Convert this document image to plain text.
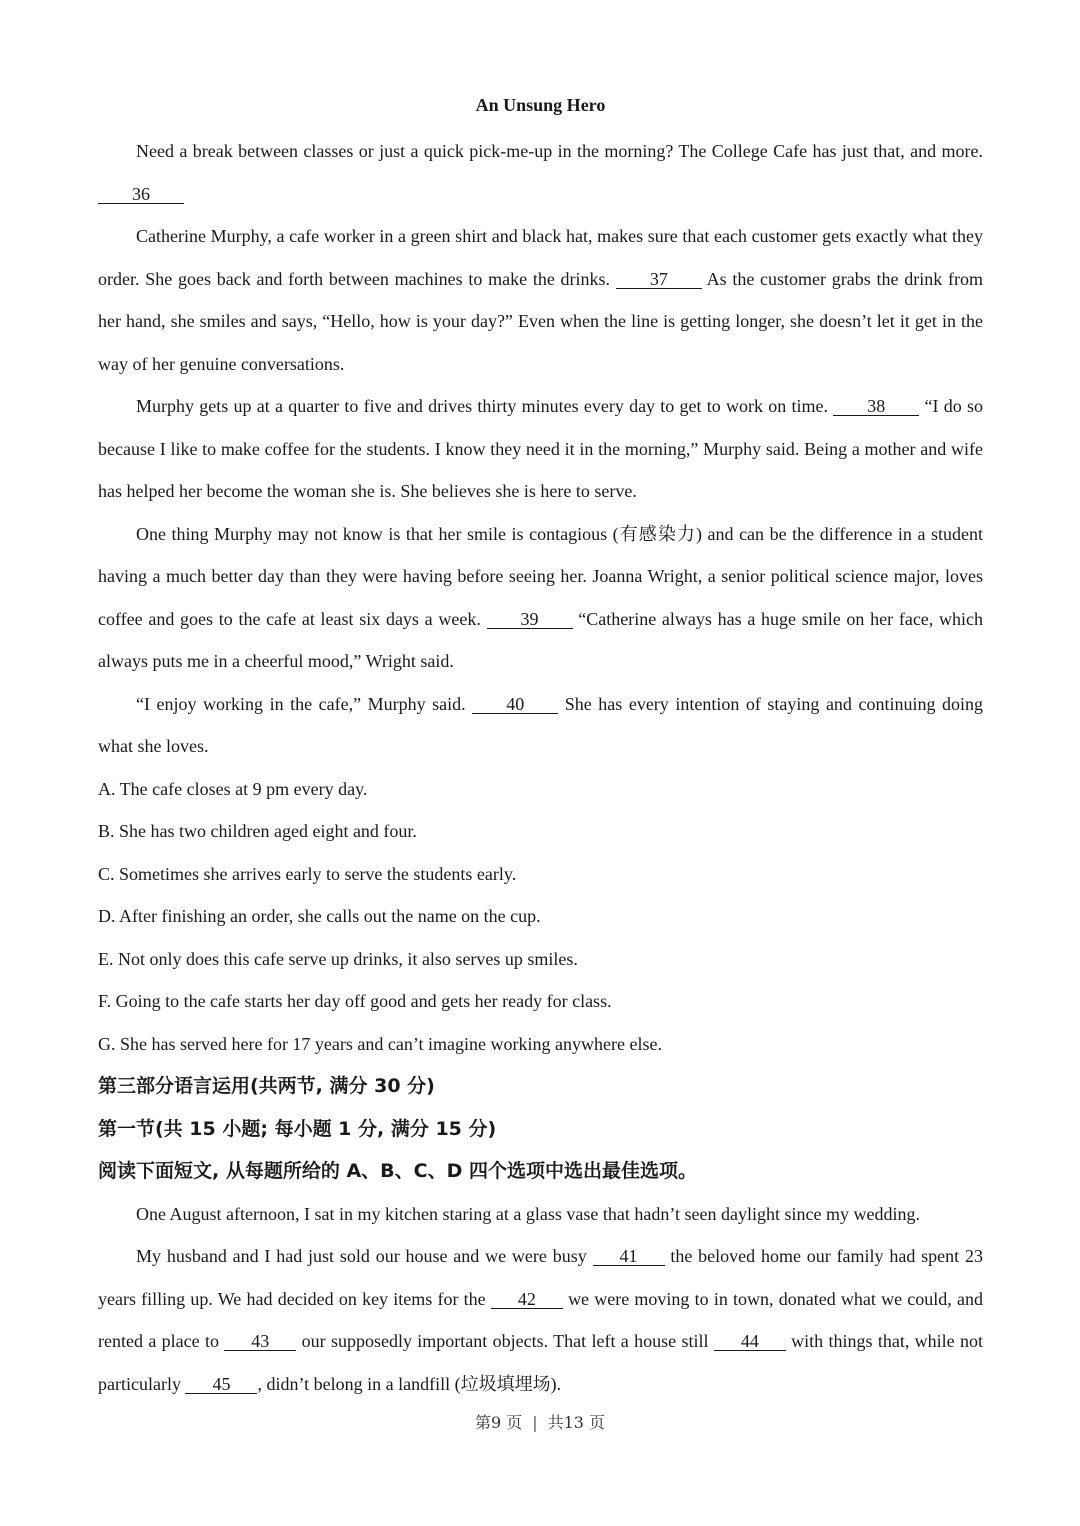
An Unsung Hero

Need a break between classes or just a quick pick-me-up in the morning? The College Cafe has just that, and more. 36

Catherine Murphy, a cafe worker in a green shirt and black hat, makes sure that each customer gets exactly what they order. She goes back and forth between machines to make the drinks. 37 As the customer grabs the drink from her hand, she smiles and says, “Hello, how is your day?” Even when the line is getting longer, she doesn’t let it get in the way of her genuine conversations.

Murphy gets up at a quarter to five and drives thirty minutes every day to get to work on time. 38 “I do so because I like to make coffee for the students. I know they need it in the morning,” Murphy said. Being a mother and wife has helped her become the woman she is. She believes she is here to serve.

One thing Murphy may not know is that her smile is contagious (有感染力) and can be the difference in a student having a much better day than they were having before seeing her. Joanna Wright, a senior political science major, loves coffee and goes to the cafe at least six days a week. 39 “Catherine always has a huge smile on her face, which always puts me in a cheerful mood,” Wright said.

“I enjoy working in the cafe,” Murphy said. 40 She has every intention of staying and continuing doing what she loves.

A. The cafe closes at 9 pm every day.

B. She has two children aged eight and four.

C. Sometimes she arrives early to serve the students early.

D. After finishing an order, she calls out the name on the cup.

E. Not only does this cafe serve up drinks, it also serves up smiles.

F. Going to the cafe starts her day off good and gets her ready for class.

G. She has served here for 17 years and can’t imagine working anywhere else.

第三部分语言运用(共两节, 满分 30 分)

第一节(共 15 小题; 每小题 1 分, 满分 15 分)

阅读下面短文, 从每题所给的 A、B、C、D 四个选项中选出最佳选项。

One August afternoon, I sat in my kitchen staring at a glass vase that hadn’t seen daylight since my wedding.

My husband and I had just sold our house and we were busy 41 the beloved home our family had spent 23 years filling up. We had decided on key items for the 42 we were moving to in town, donated what we could, and rented a place to 43 our supposedly important objects. That left a house still 44 with things that, while not particularly 45 , didn’t belong in a landfill (垃圾填埋场).

第9 页 | 共13 页
